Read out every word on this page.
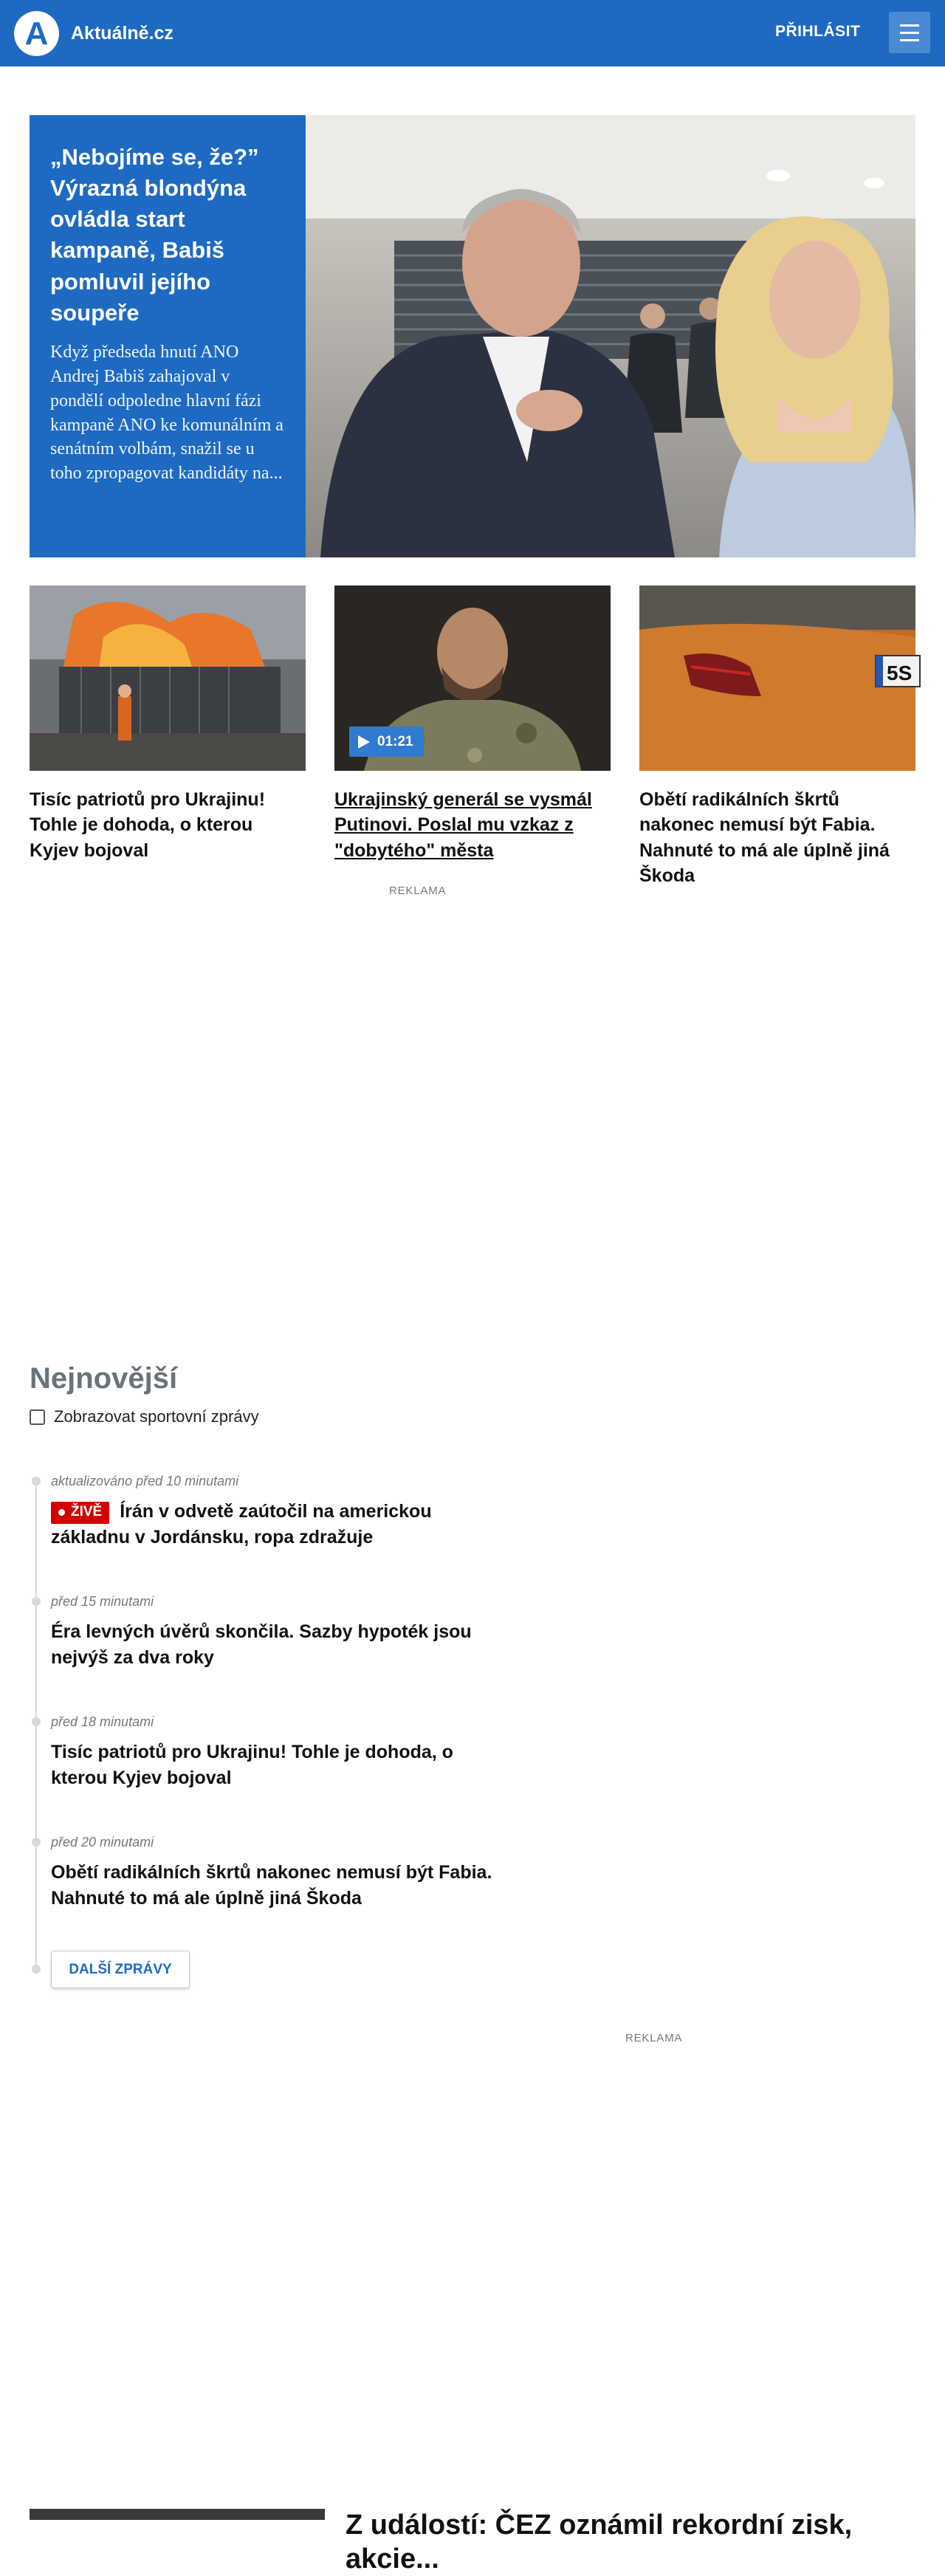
A Aktuálně.cz	PŘIHLÁSIT
„Nebojíme se, že?” Výrazná blondýna ovládla start kampaně, Babiš pomluvil jejího soupeře
Když předseda hnutí ANO Andrej Babiš zahajoval v pondělí odpoledne hlavní fázi kampaně ANO ke komunálním a senátním volbám, snažil se u toho zpropagovat kandidáty na...
Tisíc patriotů pro Ukrajinu! Tohle je dohoda, o kterou Kyjev bojoval
01:21
Ukrajinský generál se vysmál Putinovi. Poslal mu vzkaz z "dobytého" města
5S
Obětí radikálních škrtů nakonec nemusí být Fabia. Nahnuté to má ale úplně jiná Škoda
REKLAMA
Nejnovější
Zobrazovat sportovní zprávy
aktualizováno před 10 minutami
ŽIVĚ Írán v odvetě zaútočil na americkou základnu v Jordánsku, ropa zdražuje
před 15 minutami
Éra levných úvěrů skončila. Sazby hypoték jsou nejvýš za dva roky
před 18 minutami
Tisíc patriotů pro Ukrajinu! Tohle je dohoda, o kterou Kyjev bojoval
před 20 minutami
Obětí radikálních škrtů nakonec nemusí být Fabia. Nahnuté to má ale úplně jiná Škoda
DALŠÍ ZPRÁVY
REKLAMA
Z událostí: ČEZ oznámil rekordní zisk, akcie...
